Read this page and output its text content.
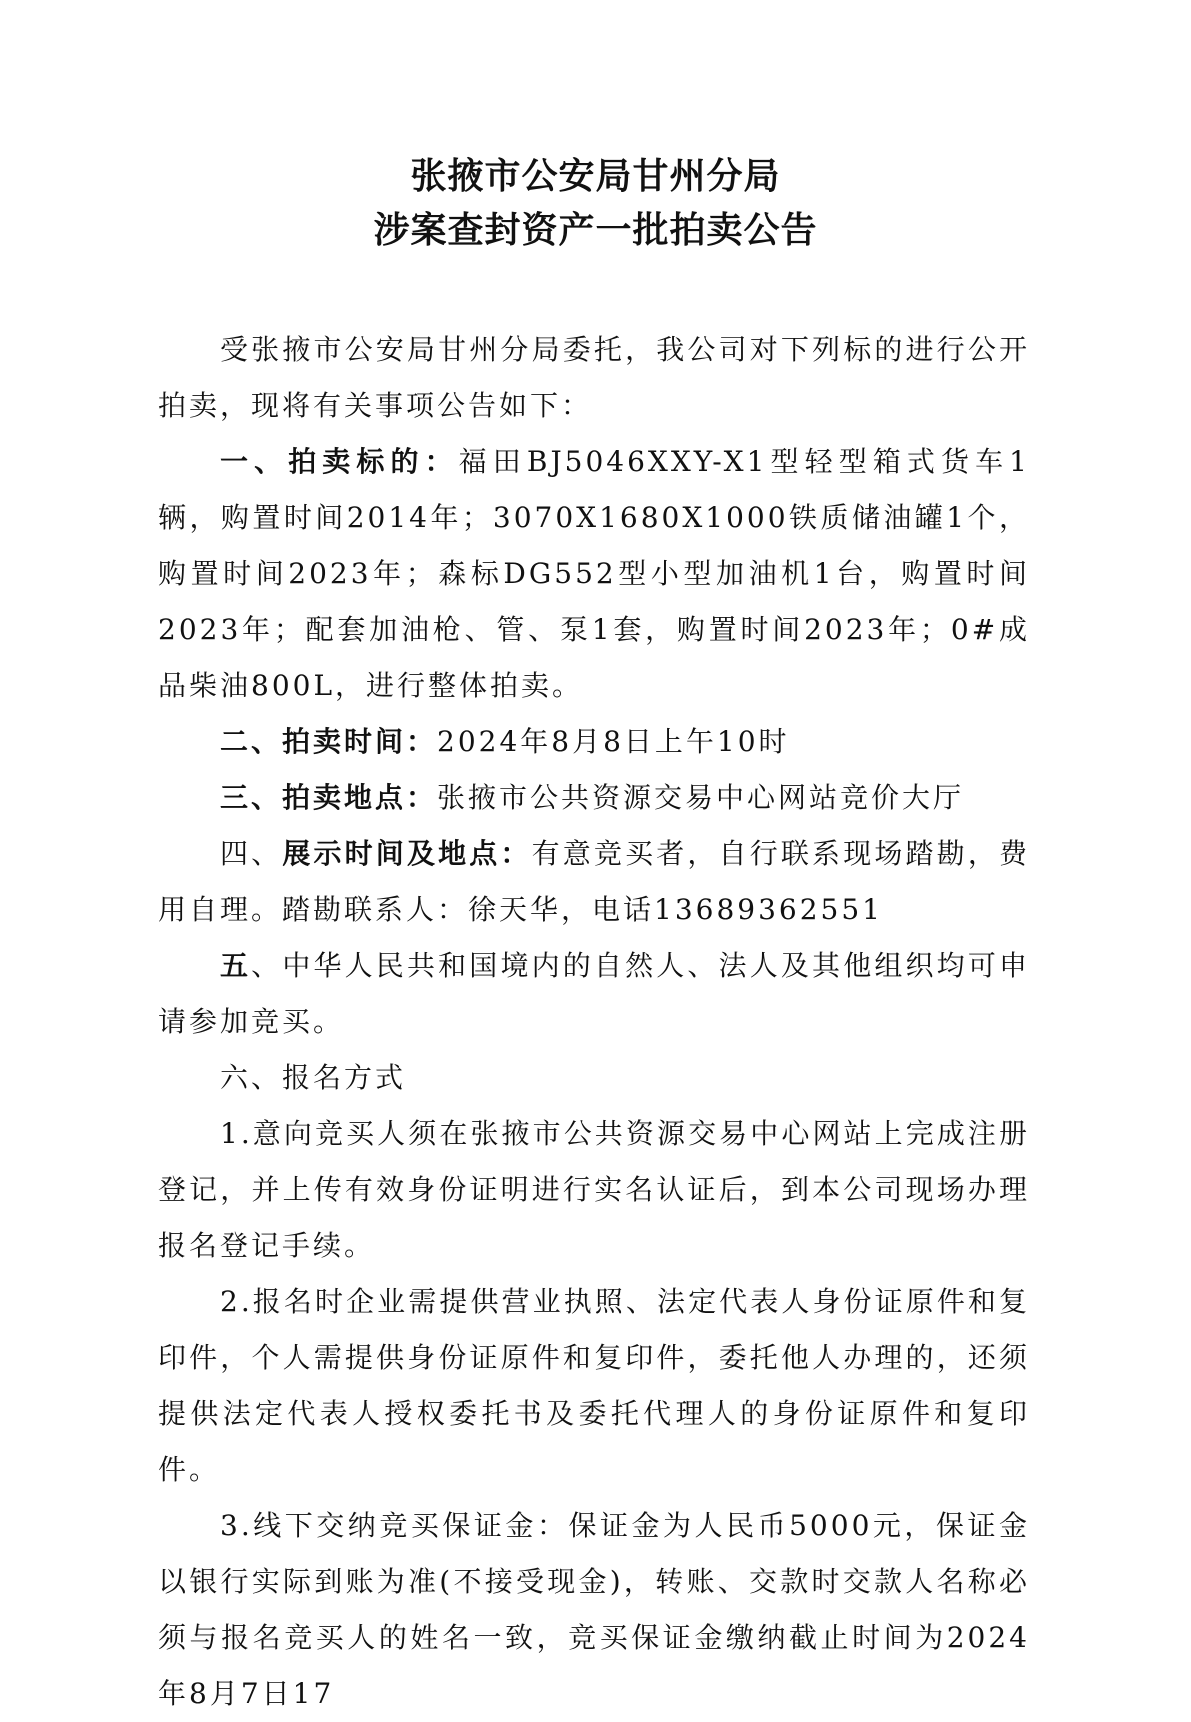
张掖市公安局甘州分局
涉案查封资产一批拍卖公告

受张掖市公安局甘州分局委托，我公司对下列标的进行公开拍卖，现将有关事项公告如下：

一、拍卖标的：福田BJ5046XXY-X1型轻型箱式货车1辆，购置时间2014年；3070X1680X1000铁质储油罐1个，购置时间2023年；森标DG552型小型加油机1台，购置时间2023年；配套加油枪、管、泵1套，购置时间2023年；0#成品柴油800L，进行整体拍卖。

二、拍卖时间：2024年8月8日上午10时

三、拍卖地点：张掖市公共资源交易中心网站竞价大厅

四、展示时间及地点：有意竞买者，自行联系现场踏勘，费用自理。踏勘联系人：徐天华，电话13689362551

五、中华人民共和国境内的自然人、法人及其他组织均可申请参加竞买。

六、报名方式

1.意向竞买人须在张掖市公共资源交易中心网站上完成注册登记，并上传有效身份证明进行实名认证后，到本公司现场办理报名登记手续。

2.报名时企业需提供营业执照、法定代表人身份证原件和复印件，个人需提供身份证原件和复印件，委托他人办理的，还须提供法定代表人授权委托书及委托代理人的身份证原件和复印件。

3.线下交纳竞买保证金：保证金为人民币5000元，保证金以银行实际到账为准(不接受现金)，转账、交款时交款人名称必须与报名竞买人的姓名一致，竞买保证金缴纳截止时间为2024年8月7日17
